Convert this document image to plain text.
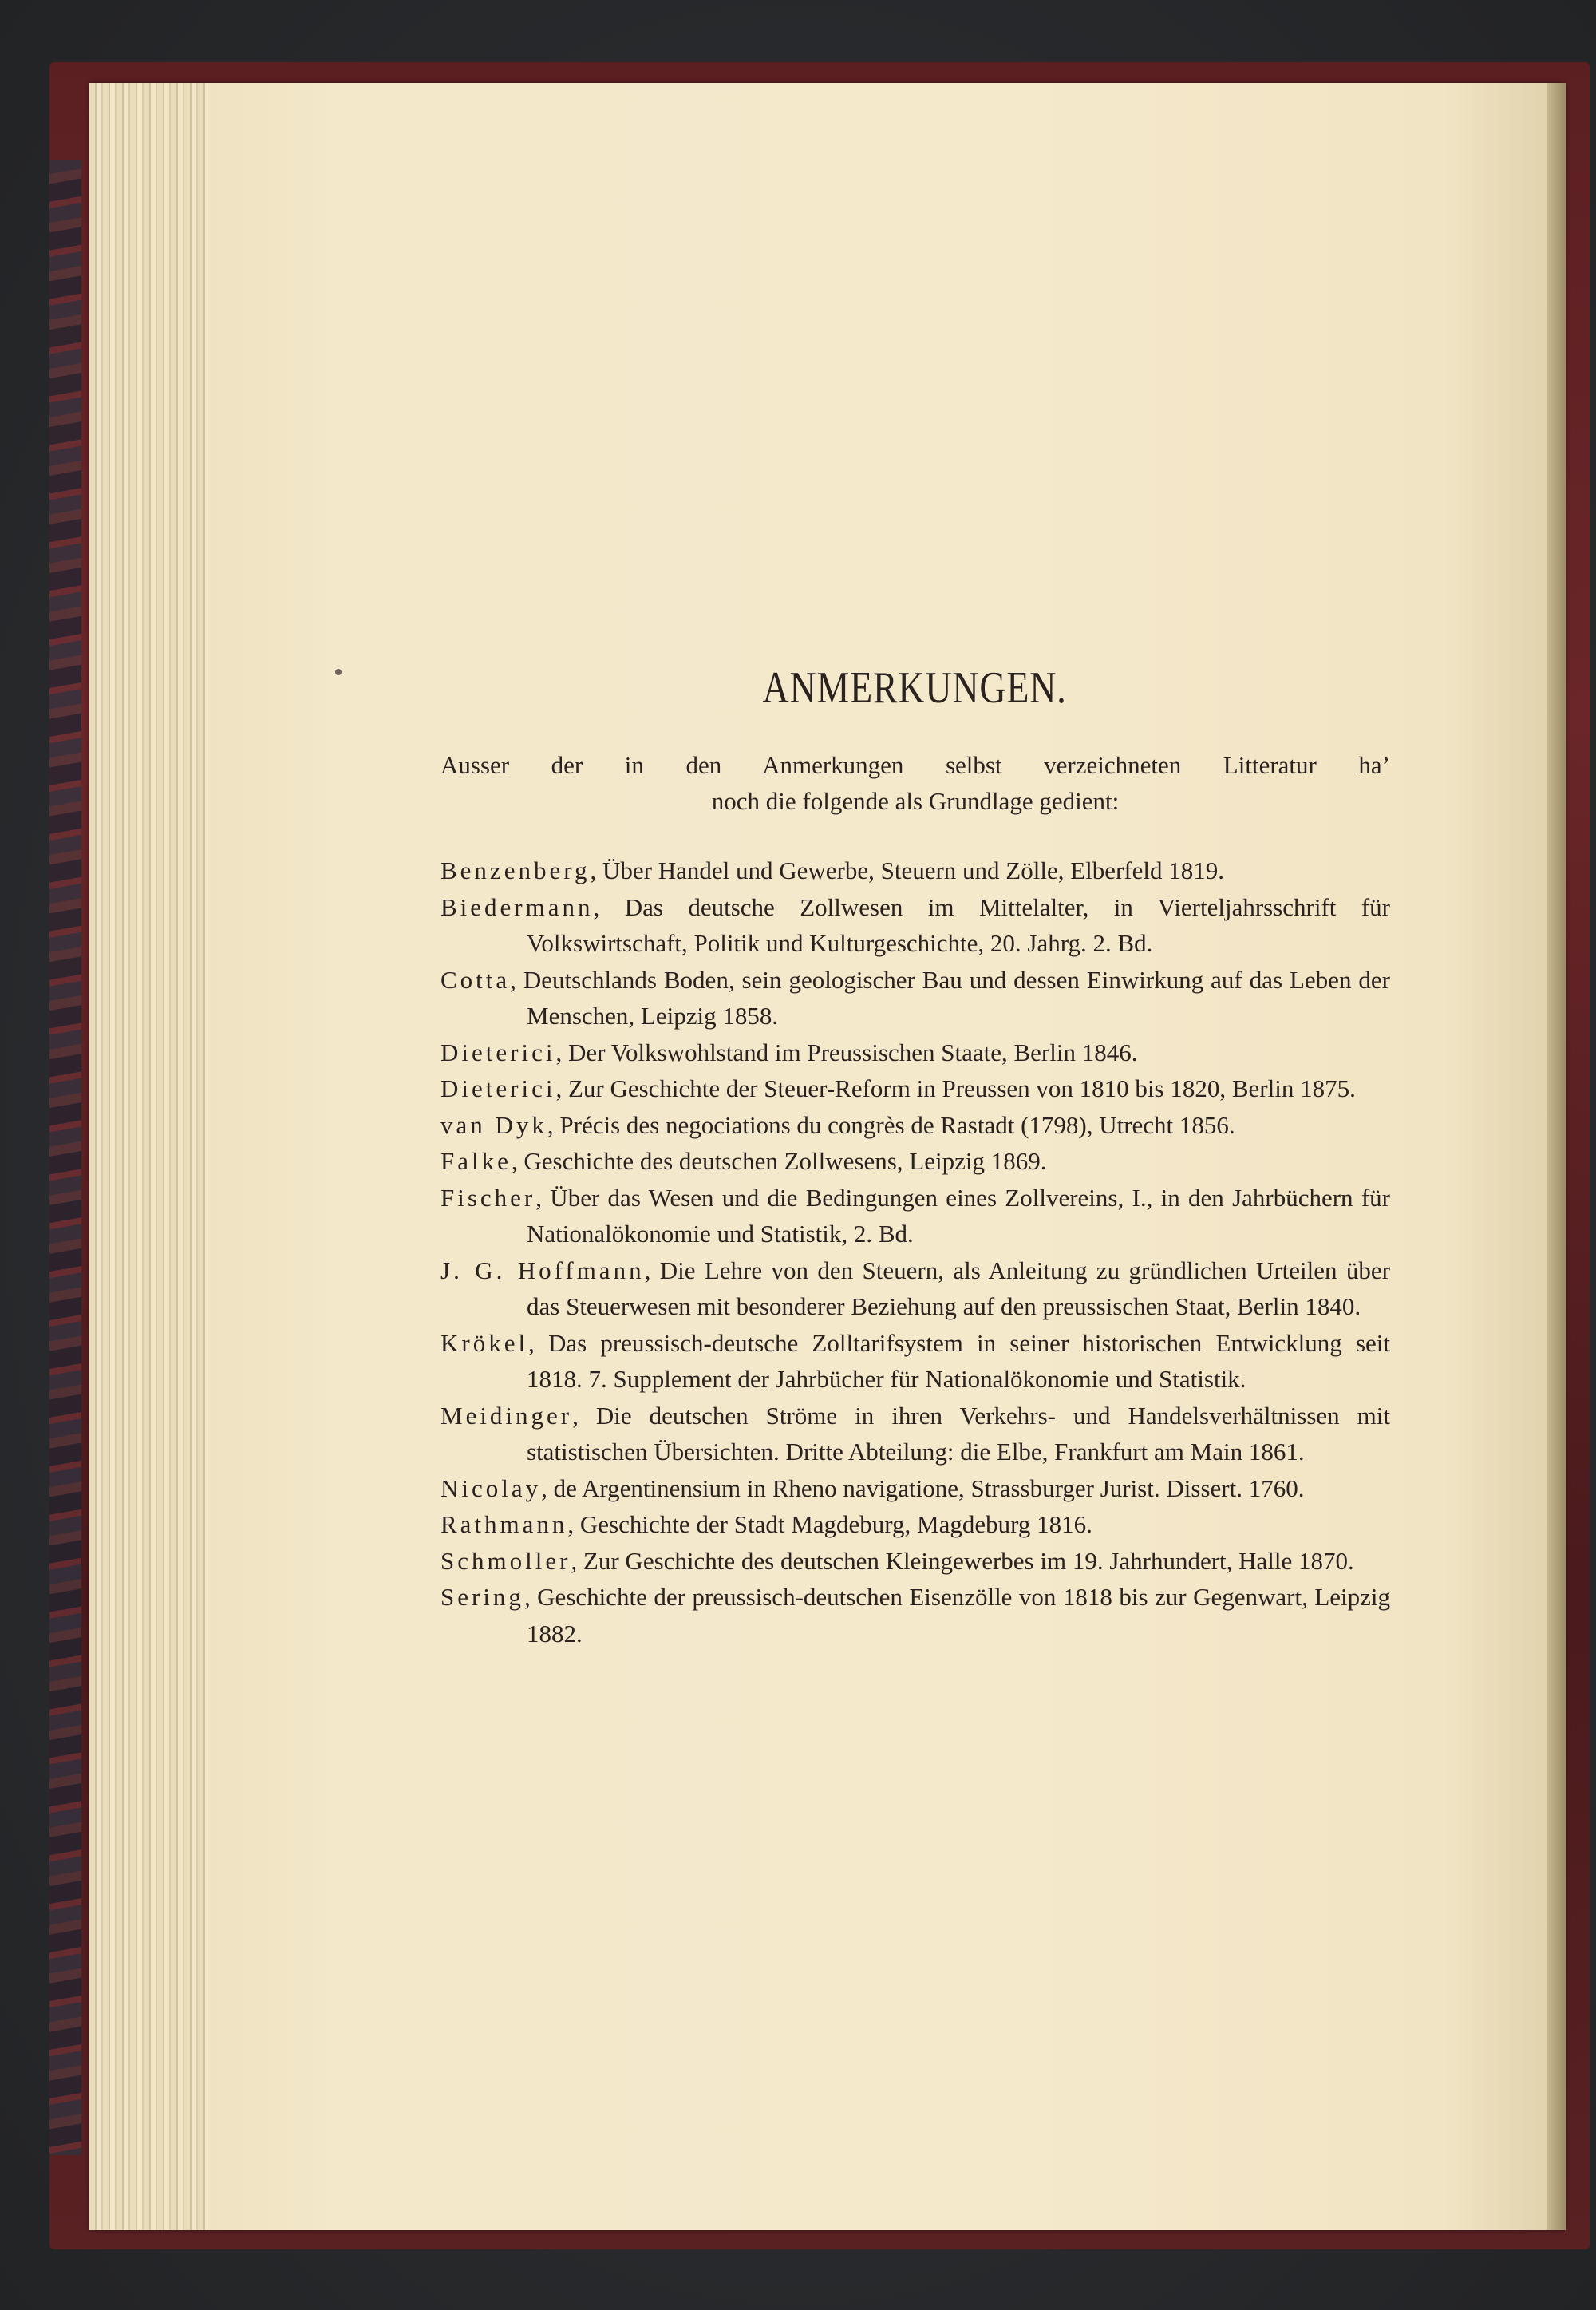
ANMERKUNGEN.
Ausser der in den Anmerkungen selbst verzeichneten Litteratur ha’
noch die folgende als Grundlage gedient:

Benzenberg, Über Handel und Gewerbe, Steuern und Zölle, Elberfeld 1819.

Biedermann, Das deutsche Zollwesen im Mittelalter, in Vierteljahrsschrift für Volkswirtschaft, Politik und Kulturgeschichte, 20. Jahrg. 2. Bd.

Cotta, Deutschlands Boden, sein geologischer Bau und dessen Einwirkung auf das Leben der Menschen, Leipzig 1858.

Dieterici, Der Volkswohlstand im Preussischen Staate, Berlin 1846.

Dieterici, Zur Geschichte der Steuer-Reform in Preussen von 1810 bis 1820, Berlin 1875.

van Dyk, Précis des negociations du congrès de Rastadt (1798), Utrecht 1856.

Falke, Geschichte des deutschen Zollwesens, Leipzig 1869.

Fischer, Über das Wesen und die Bedingungen eines Zollvereins, I., in den Jahrbüchern für Nationalökonomie und Statistik, 2. Bd.

J. G. Hoffmann, Die Lehre von den Steuern, als Anleitung zu gründlichen Urteilen über das Steuerwesen mit besonderer Beziehung auf den preussischen Staat, Berlin 1840.

Krökel, Das preussisch-deutsche Zolltarifsystem in seiner historischen Entwicklung seit 1818. 7. Supplement der Jahrbücher für Nationalökonomie und Statistik.

Meidinger, Die deutschen Ströme in ihren Verkehrs- und Handelsverhältnissen mit statistischen Übersichten. Dritte Abteilung: die Elbe, Frankfurt am Main 1861.

Nicolay, de Argentinensium in Rheno navigatione, Strassburger Jurist. Dissert. 1760.

Rathmann, Geschichte der Stadt Magdeburg, Magdeburg 1816.

Schmoller, Zur Geschichte des deutschen Kleingewerbes im 19. Jahrhundert, Halle 1870.

Sering, Geschichte der preussisch-deutschen Eisenzölle von 1818 bis zur Gegenwart, Leipzig 1882.
